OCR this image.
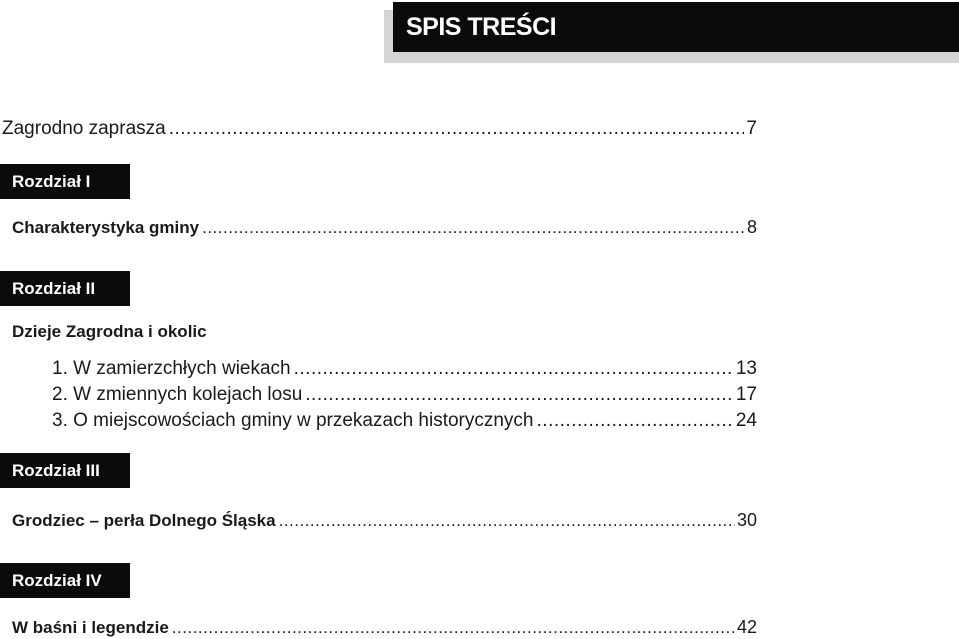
SPIS TREŚCI
Zagrodno zaprasza .....	7
Rozdział I
Charakterystyka gminy .....	8
Rozdział II
Dzieje Zagrodna i okolic
1. W zamierzchłych wiekach .....	13
2. W zmiennych kolejach losu .....	17
3. O miejscowościach gminy w przekazach historycznych .....	24
Rozdział III
Grodziec – perła Dolnego Śląska .....	30
Rozdział IV
W baśni i legendzie .....	42
